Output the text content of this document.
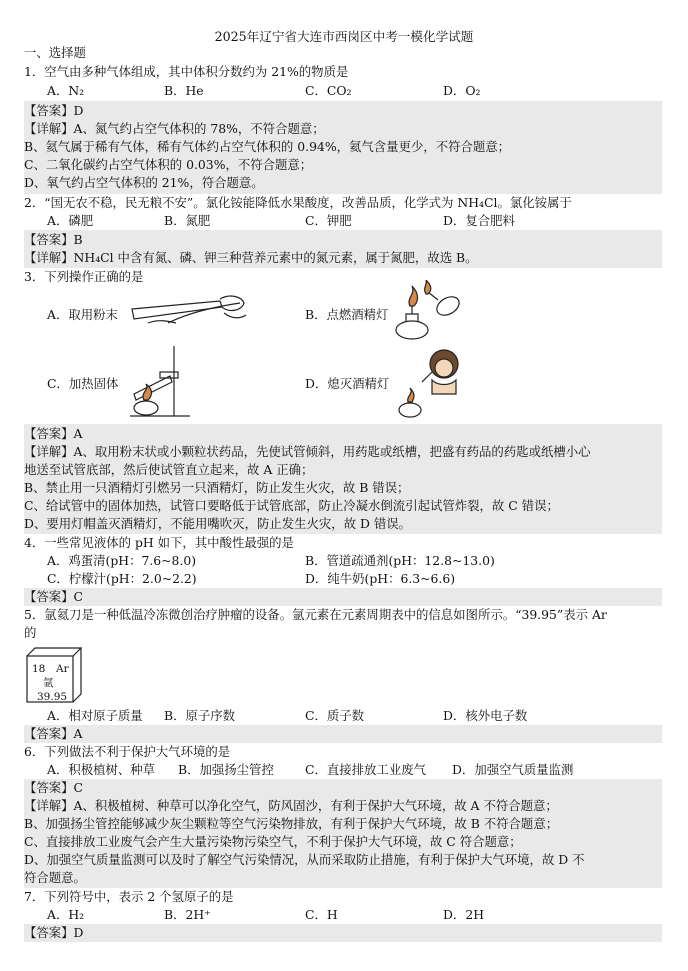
2025年辽宁省大连市西岗区中考一模化学试题
一、选择题
1．空气由多种气体组成，其中体积分数约为 21%的物质是
A．N₂	B．He	C．CO₂	D．O₂
【答案】D
【详解】A、氮气约占空气体积的 78%，不符合题意；
B、氦气属于稀有气体，稀有气体约占空气体积的 0.94%，氦气含量更少，不符合题意；
C、二氧化碳约占空气体积的 0.03%，不符合题意；
D、氧气约占空气体积的 21%，符合题意。
2．“国无农不稳，民无粮不安”。氯化铵能降低水果酸度，改善品质，化学式为 NH₄Cl。氯化铵属于
A．磷肥	B．氮肥	C．钾肥	D．复合肥料
【答案】B
【详解】NH₄Cl 中含有氮、磷、钾三种营养元素中的氮元素，属于氮肥，故选 B。
3．下列操作正确的是
A．取用粉末	B．点燃酒精灯
C．加热固体	D．熄灭酒精灯
【答案】A
【详解】A、取用粉末状或小颗粒状药品，先使试管倾斜，用药匙或纸槽，把盛有药品的药匙或纸槽小心
地送至试管底部，然后使试管直立起来，故 A 正确；
B、禁止用一只酒精灯引燃另一只酒精灯，防止发生火灾，故 B 错误；
C、给试管中的固体加热，试管口要略低于试管底部，防止冷凝水倒流引起试管炸裂，故 C 错误；
D、要用灯帽盖灭酒精灯，不能用嘴吹灭，防止发生火灾，故 D 错误。
4．一些常见液体的 pH 如下，其中酸性最强的是
A．鸡蛋清(pH：7.6~8.0)	B．管道疏通剂(pH：12.8~13.0)
C．柠檬汁(pH：2.0~2.2)	D．纯牛奶(pH：6.3~6.6)
【答案】C
5．氩氦刀是一种低温冷冻微创治疗肿瘤的设备。氩元素在元素周期表中的信息如图所示。“39.95”表示 Ar
的
18 Ar
氩
39.95
A．相对原子质量 B．原子序数	C．质子数	D．核外电子数
【答案】A
6．下列做法不利于保护大气环境的是
A．积极植树、种草 B．加强扬尘管控	C．直接排放工业废气 D．加强空气质量监测
【答案】C
【详解】A、积极植树、种草可以净化空气，防风固沙，有利于保护大气环境，故 A 不符合题意；
B、加强扬尘管控能够减少灰尘颗粒等空气污染物排放，有利于保护大气环境，故 B 不符合题意；
C、直接排放工业废气会产生大量污染物污染空气，不利于保护大气环境，故 C 符合题意；
D、加强空气质量监测可以及时了解空气污染情况，从而采取防止措施，有利于保护大气环境，故 D 不
符合题意。
7．下列符号中，表示 2 个氢原子的是
A．H₂	B．2H⁺	C．H	D．2H
【答案】D
